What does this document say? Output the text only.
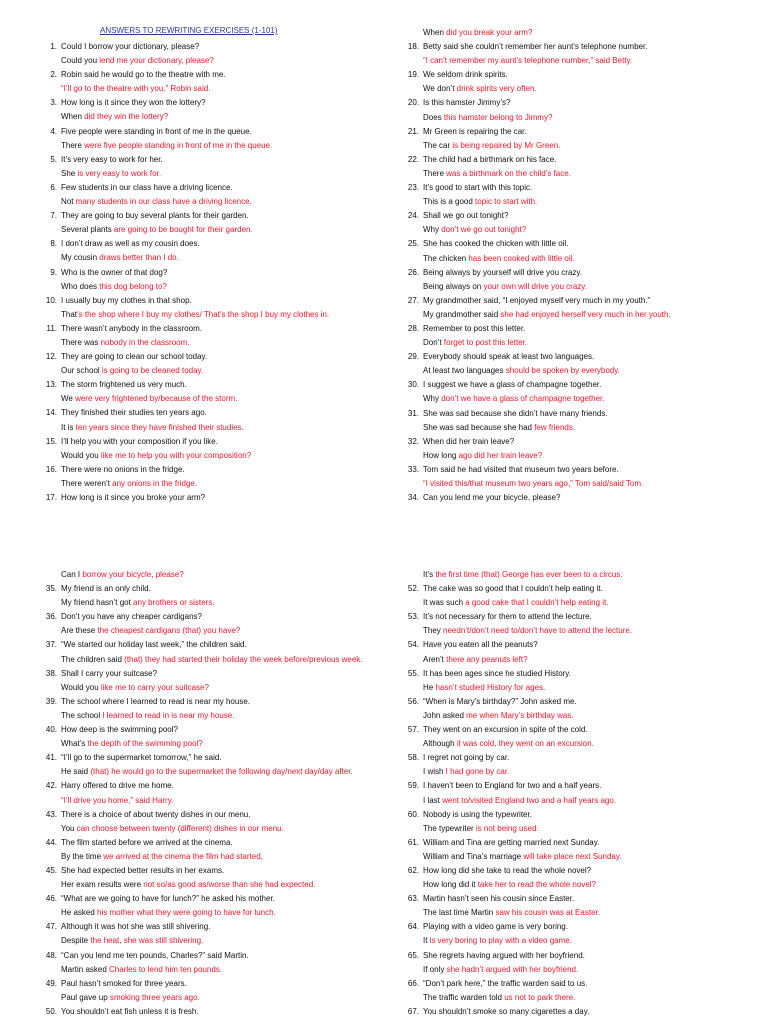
ANSWERS TO REWRITING EXERCISES (1-101)
1. Could I borrow your dictionary, please?
Could you lend me your dictionary, please?
2. Robin said he would go to the theatre with me.
“I’ll go to the theatre with you,” Robin said.
3. How long is it since they won the lottery?
When did they win the lottery?
4. Five people were standing in front of me in the queue.
There were five people standing in front of me in the queue.
5. It’s very easy to work for her.
She is very easy to work for.
6. Few students in our class have a driving licence.
Not many students in our class have a driving licence.
7. They are going to buy several plants for their garden.
Several plants are going to be bought for their garden.
8. I don’t draw as well as my cousin does.
My cousin draws better than I do.
9. Who is the owner of that dog?
Who does this dog belong to?
10. I usually buy my clothes in that shop.
That’s the shop where I buy my clothes/ That’s the shop I buy my clothes in.
11. There wasn’t anybody in the classroom.
There was nobody in the classroom.
12. They are going to clean our school today.
Our school is going to be cleaned today.
13. The storm frightened us very much.
We were very frightened by/because of the storm.
14. They finished their studies ten years ago.
It is ten years since they have finished their studies.
15. I’ll help you with your composition if you like.
Would you like me to help you with your composition?
16. There were no onions in the fridge.
There weren’t any onions in the fridge.
17. How long is it since you broke your arm?
When did you break your arm?
18. Betty said she couldn’t remember her aunt’s telephone number.
“I can’t remember my aunt’s telephone number,” said Betty.
19. We seldom drink spirits.
We don’t drink spirits very often.
20. Is this hamster Jimmy’s?
Does this hamster belong to Jimmy?
21. Mr Green is repairing the car.
The car is being repaired by Mr Green.
22. The child had a birthmark on his face.
There was a birthmark on the child’s face.
23. It’s good to start with this topic.
This is a good topic to start with.
24. Shall we go out tonight?
Why don’t we go out tonight?
25. She has cooked the chicken with little oil.
The chicken has been cooked with little oil.
26. Being always by yourself will drive you crazy.
Being always on your own will drive you crazy.
27. My grandmother said, “I enjoyed myself very much in my youth.”
My grandmother said she had enjoyed herself very much in her youth.
28. Remember to post this letter.
Don’t forget to post this letter.
29. Everybody should speak at least two languages.
At least two languages should be spoken by everybody.
30. I suggest we have a glass of champagne together.
Why don’t we have a glass of champagne together.
31. She was sad because she didn’t have many friends.
She was sad because she had few friends.
32. When did her train leave?
How long ago did her train leave?
33. Tom said he had visited that museum two years before.
“I visited this/that museum two years ago,” Tom said/said Tom.
34. Can you lend me your bicycle, please?
Can I borrow your bicycle, please?
35. My friend is an only child.
My friend hasn’t got any brothers or sisters.
36. Don’t you have any cheaper cardigans?
Are these the cheapest cardigans (that) you have?
37. “We started our holiday last week,” the children said.
The children said (that) they had started their holiday the week before/previous week.
38. Shall I carry your suitcase?
Would you like me to carry your suitcase?
39. The school where I learned to read is near my house.
The school I learned to read in is near my house.
40. How deep is the swimming pool?
What’s the depth of the swimming pool?
41. “I’ll go to the supermarket tomorrow,” he said.
He said (that) he would go to the supermarket the following day/next day/day after.
42. Harry offered to drive me home.
“I’ll drive you home,” said Harry.
43. There is a choice of about twenty dishes in our menu.
You can choose between twenty (different) dishes in our menu.
44. The film started before we arrived at the cinema.
By the time we arrived at the cinema the film had started,
45. She had expected better results in her exams.
Her exam results were not so/as good as/worse than she had expected.
46. “What are we going to have for lunch?” he asked his mother.
He asked his mother what they were going to have for lunch.
47. Although it was hot she was still shivering.
Despite the heat, she was still shivering.
48. “Can you lend me ten pounds, Charles?” said Martin.
Martin asked Charles to lend him ten pounds.
49. Paul hasn’t smoked for three years.
Paul gave up smoking three years ago.
50. You shouldn’t eat fish unless it is fresh.
It’s the first time (that) George has ever been to a circus.
52. The cake was so good that I couldn’t help eating it.
It was such a good cake that I couldn’t help eating it.
53. It’s not necessary for them to attend the lecture.
They needn’t/don’t need to/don’t have to attend the lecture.
54. Have you eaten all the peanuts?
Aren’t there any peanuts left?
55. It has been ages since he studied History.
He hasn’t studied History for ages.
56. “When is Mary’s birthday?” John asked me.
John asked me when Mary’s birthday was.
57. They went on an excursion in spite of the cold.
Although it was cold, they went on an excursion.
58. I regret not going by car.
I wish I had gone by car.
59. I haven’t been to England for two and a half years.
I last went to/visited England two and a half years ago.
60. Nobody is using the typewriter.
The typewriter is not being used.
61. William and Tina are getting married next Sunday.
William and Tina’s marriage will take place next Sunday.
62. How long did she take to read the whole novel?
How long did it take her to read the whole novel?
63. Martin hasn’t seen his cousin since Easter.
The last time Martin saw his cousin was at Easter.
64. Playing with a video game is very boring.
It is very boring to play with a video game.
65. She regrets having argued with her boyfriend.
If only she hadn’t argued with her boyfriend.
66. “Don’t park here,” the traffic warden said to us.
The traffic warden told us not to park there.
67. You shouldn’t smoke so many cigarettes a day.
